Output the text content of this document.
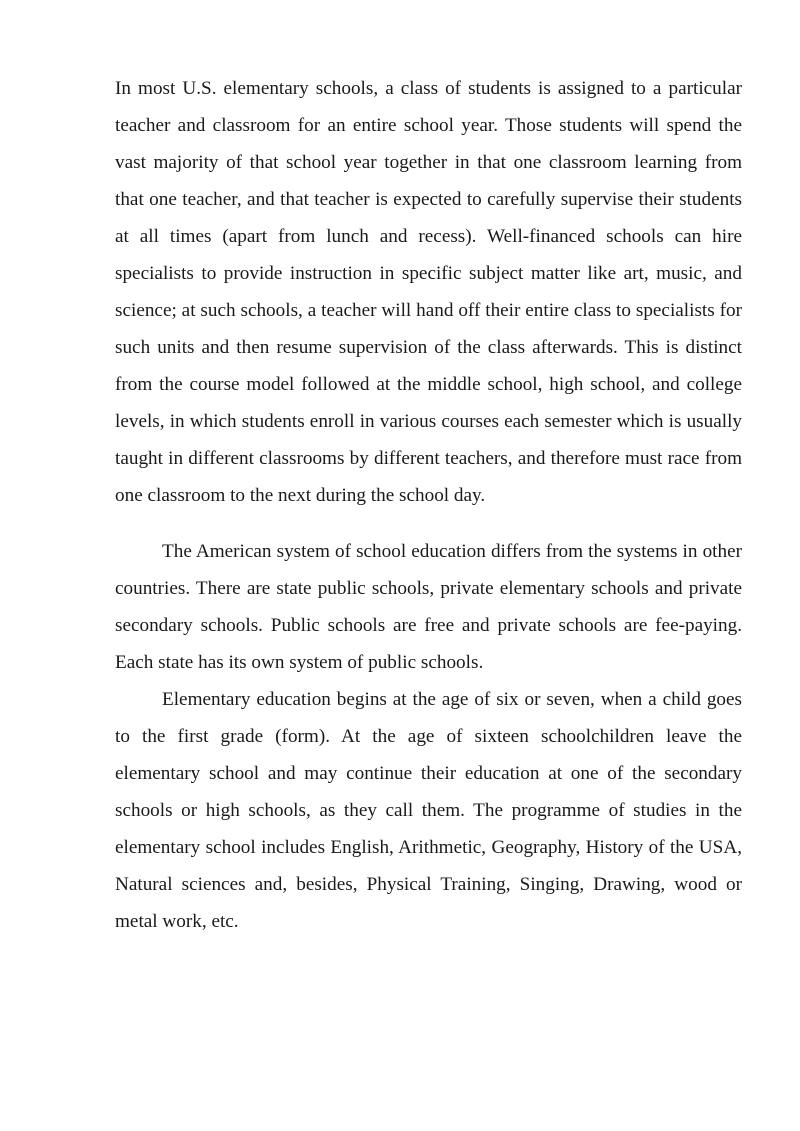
In most U.S. elementary schools, a class of students is assigned to a particular teacher and classroom for an entire school year. Those students will spend the vast majority of that school year together in that one classroom learning from that one teacher, and that teacher is expected to carefully supervise their students at all times (apart from lunch and recess). Well-financed schools can hire specialists to provide instruction in specific subject matter like art, music, and science; at such schools, a teacher will hand off their entire class to specialists for such units and then resume supervision of the class afterwards. This is distinct from the course model followed at the middle school, high school, and college levels, in which students enroll in various courses each semester which is usually taught in different classrooms by different teachers, and therefore must race from one classroom to the next during the school day.

The American system of school education differs from the systems in other countries. There are state public schools, private elementary schools and private secondary schools. Public schools are free and private schools are fee-paying. Each state has its own system of public schools.

Elementary education begins at the age of six or seven, when a child goes to the first grade (form). At the age of sixteen schoolchildren leave the elementary school and may continue their education at one of the secondary schools or high schools, as they call them. The programme of studies in the elementary school includes English, Arithmetic, Geography, History of the USA, Natural sciences and, besides, Physical Training, Singing, Drawing, wood or metal work, etc.
